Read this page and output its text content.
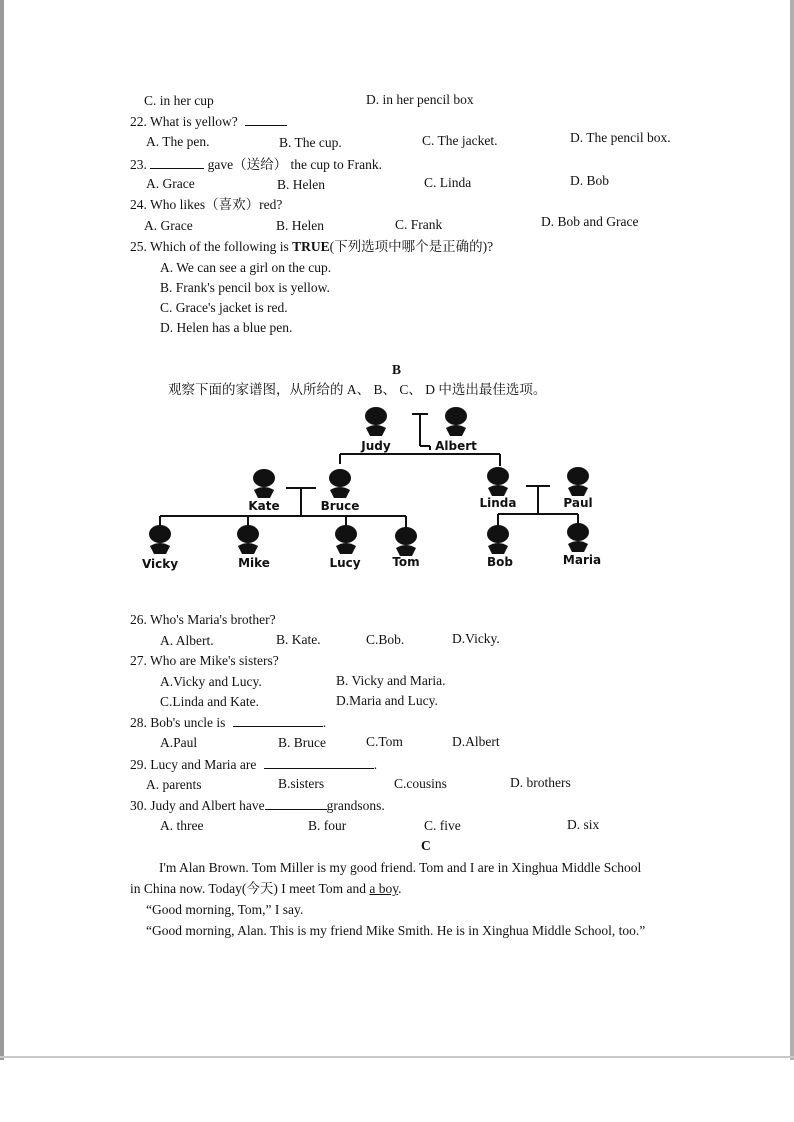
C. in her cup	D. in her pencil box
22. What is yellow?
A. The pen.	B. The cup.	C. The jacket.	D. The pencil box.
23.	gave（送给） the cup to Frank.
A. Grace	B. Helen	C. Linda	D. Bob
24. Who likes（喜欢）red?
A. Grace	B. Helen	C. Frank	D. Bob and Grace
25. Which of the following is TRUE(下列选项中哪个是正确的)?
A. We can see a girl on the cup.
B. Frank's pencil box is yellow.
C. Grace's jacket is red.
D. Helen has a blue pen.
B
观察下面的家谱图，从所给的 A、 B、 C、 D 中选出最佳选项。
Judy	Albert
Kate	Bruce	Linda	Paul
Vicky	Mike	Lucy	Tom	Bob	Maria
26. Who's Maria's brother?
A. Albert.	B. Kate.	C.Bob.	D.Vicky.
27. Who are Mike's sisters?
A.Vicky and Lucy.	B. Vicky and Maria.
C.Linda and Kate.	D.Maria and Lucy.
28. Bob's uncle is	.
A.Paul	B. Bruce	C.Tom	D.Albert
29. Lucy and Maria are	.
A. parents	B.sisters	C.cousins	D. brothers
30. Judy and Albert have	grandsons.
A. three	B. four	C. five	D. six
C
I'm Alan Brown. Tom Miller is my good friend. Tom and I are in Xinghua Middle School
in China now. Today(今天) I meet Tom and a boy.
“Good morning, Tom,” I say.
“Good morning, Alan. This is my friend Mike Smith. He is in Xinghua Middle School, too.”
